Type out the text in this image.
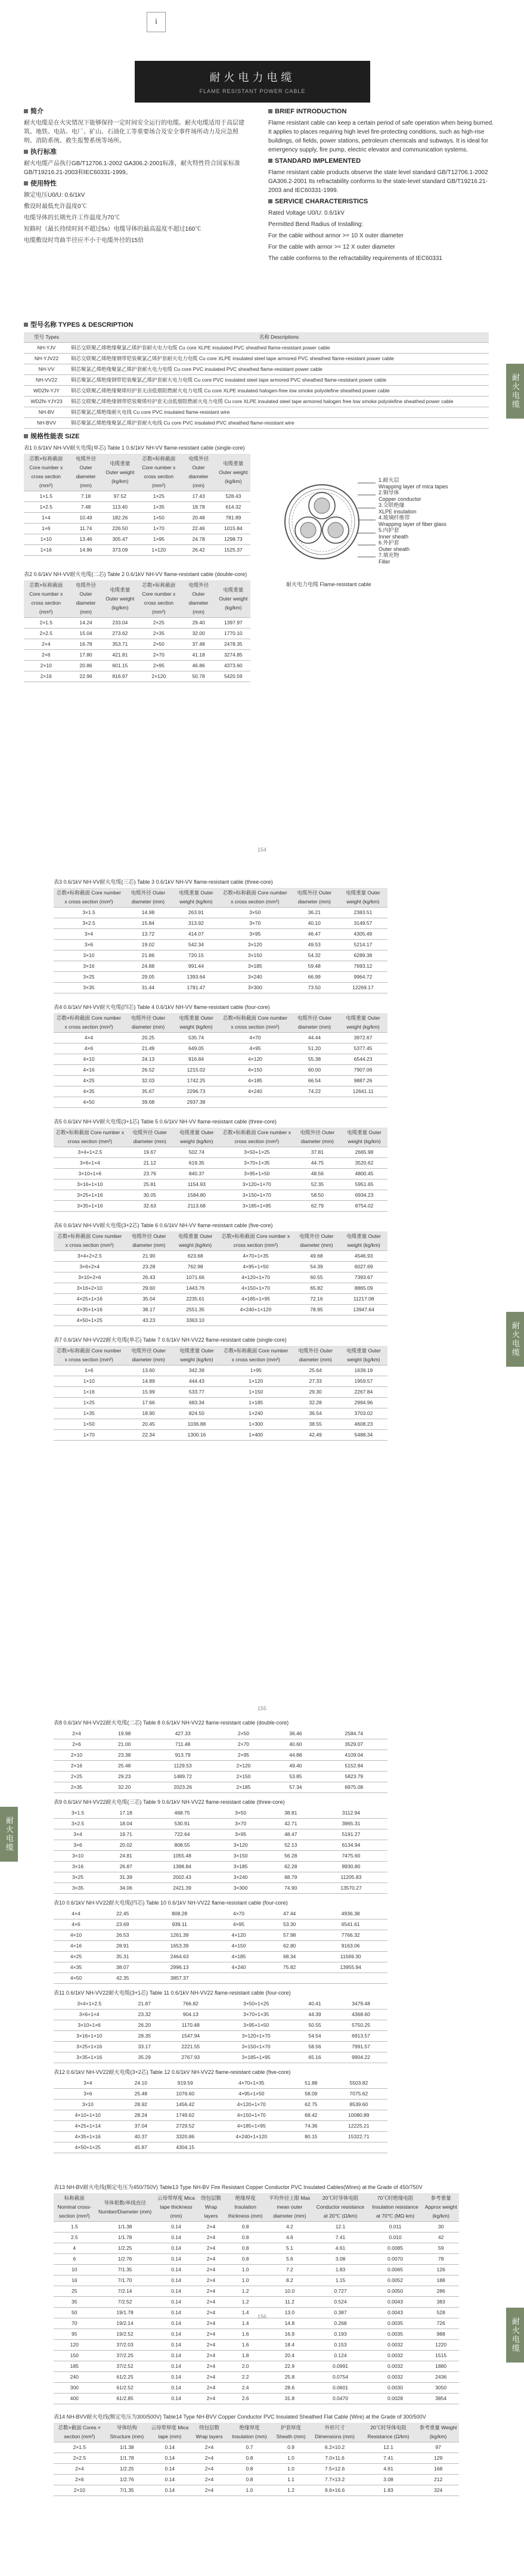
i
耐火电力电缆
FLAME RESISTANT POWER CABLE
耐火电缆
简介

耐火电缆是在火灾情况下能够保持一定时间安全运行的电缆。耐火电缆适用于高层建筑、地铁、电站、电厂、矿山、石油化工等重要场合及安全事件场所动力及应急照明、消防系统、救生报警系统等场所。

执行标准

耐火电缆产品执行GB/T12706.1-2002 GA306.2-2001标准，耐火特性符合国家标准GB/T19216.21-2003和IEC60331-1999。

使用特性

额定电压U0/U: 0.6/1kV

敷设时最低允许温度0℃

电缆导体的长期允许工作温度为70℃

短路时（最长持续时间不超过5s）电缆导体的最高温度不超过160℃

电缆敷设时弯曲半径应不小于电缆外径的15倍

BRIEF INTRODUCTION

Flame resistant cable can keep a certain period of safe operation when being burned. It applies to places requiring high level fire-protecting conditions, such as high-rise buildings, oil fields, power stations, petroleum chemicals and subways. It is ideal for emergency supply, fire pump, electric elevator and communication systems.

STANDARD IMPLEMENTED

Flame resistant cable products observe the state level standard GB/T12706.1-2002 GA306.2-2001 Its refractability conforms to the state-level standard GB/T19216.21-2003 and IEC60331-1999.

SERVICE CHARACTERISTICS

Rated Voltage U0/U: 0.6/1kV

Permitted Bend Radius of Installing:

For the cable without armor >= 10 X outer diameter

For the cable with armor >= 12 X outer diameter

The cable conforms to the refractability requirements of IEC60331

型号名称 TYPES & DESCRIPTION
型号 Types	名称 Descriptions
NH-YJV	铜芯交联聚乙烯绝缘聚氯乙烯护套耐火电力电缆 Cu core XLPE insulated PVC sheathed flame-resistant power cable
NH-YJV22	铜芯交联聚乙烯绝缘钢带铠装聚氯乙烯护套耐火电力电缆 Cu core XLPE insulated steel tape armored PVC sheathed flame-resistant power cable
NH-VV	铜芯聚氯乙烯绝缘聚氯乙烯护套耐火电力电缆 Cu core PVC insulated PVC sheathed flame-resistant power cable
NH-VV22	铜芯聚氯乙烯绝缘钢带铠装聚氯乙烯护套耐火电力电缆 Cu core PVC insulated steel tape armored PVC sheathed flame-resistant power cable
WDZN-YJY	铜芯交联聚乙烯绝缘聚烯烃护套无卤低烟阻燃耐火电力电缆 Cu core XLPE insulated halogen-free low smoke polyolefine sheathed power cable
WDZN-YJY23	铜芯交联聚乙烯绝缘钢带铠装聚烯烃护套无卤低烟阻燃耐火电力电缆 Cu core XLPE insulated steel tape armored halogen free low smoke polyolefine sheathed power cable
NH-BV	铜芯聚氯乙烯绝缘耐火电线 Cu core PVC insulated flame-resistant wire
NH-BVV	铜芯聚氯乙烯绝缘聚氯乙烯护套耐火电线 Cu core PVC insulated PVC sheathed flame-resistant wire
规格性能表 SIZE
表1 0.6/1kV NH-VV耐火电缆(单芯) Table 1 0.6/1kV NH-VV flame-resistant cable (single-core)
芯数×标称截面 Core number x cross section (mm²)	电缆外径 Outer diameter (mm)	电缆重量 Outer weight (kg/km)	芯数×标称截面 Core number x cross section (mm²)	电缆外径 Outer diameter (mm)	电缆重量 Outer weight (kg/km)
1×1.5	7.18	97.52	1×25	17.43	528.43
1×2.5	7.48	113.40	1×35	18.78	614.32
1×4	10.49	182.26	1×50	20.48	781.89
1×6	11.74	226.50	1×70	22.46	1015.84
1×10	13.46	305.47	1×95	24.78	1298.73
1×16	14.96	373.09	1×120	26.42	1525.37
表2 0.6/1kV NH-VV耐火电缆(二芯) Table 2 0.6/1kV NH-VV flame-resistant cable (double-core)
芯数×标称截面 Core number x cross section (mm²)	电缆外径 Outer diameter (mm)	电缆重量 Outer weight (kg/km)	芯数×标称截面 Core number x cross section (mm²)	电缆外径 Outer diameter (mm)	电缆重量 Outer weight (kg/km)
2×1.5	14.24	233.04	2×25	29.40	1397.97
2×2.5	15.04	273.62	2×35	32.00	1770.10
2×4	16.78	353.71	2×50	37.48	2478.35
2×6	17.80	421.81	2×70	41.18	3274.85
2×10	20.86	601.15	2×95	46.86	4373.60
2×16	22.96	816.97	2×120	50.78	5420.59
1.耐火层
Wrapping layer of mica tapes
2.铜导体
Copper conductor
3.交联绝缘
XLPE insulation
4.玻璃纤维带
Wrapping layer of fiber glass
5.内护套
Inner sheath
6.外护套
Outer sheath
7.填充物
Filler
耐火电力电缆 Flame-resistant cable
154
耐火电缆
表3 0.6/1kV NH-VV耐火电缆(三芯) Table 3 0.6/1kV NH-VV flame-resistant cable (three-core)
芯数×标称截面 Core number x cross section (mm²)	电缆外径 Outer diameter (mm)	电缆重量 Outer weight (kg/km)	芯数×标称截面 Core number x cross section (mm²)	电缆外径 Outer diameter (mm)	电缆重量 Outer weight (kg/km)
3×1.5	14.98	263.91	3×50	36.21	2383.51
3×2.5	15.84	313.92	3×70	40.10	3149.57
3×4	13.72	414.07	3×95	46.47	4305.49
3×6	19.02	542.34	3×120	49.53	5214.17
3×10	21.86	720.15	3×150	54.32	6289.38
3×16	24.88	991.44	3×185	59.48	7693.12
3×25	29.05	1393.64	3×240	66.99	9964.72
3×35	31.44	1781.47	3×300	73.50	12269.17
表4 0.6/1kV NH-VV耐火电缆(四芯) Table 4 0.6/1kV NH-VV flame-resistant cable (four-core)
芯数×标称截面 Core number x cross section (mm²)	电缆外径 Outer diameter (mm)	电缆重量 Outer weight (kg/km)	芯数×标称截面 Core number x cross section (mm²)	电缆外径 Outer diameter (mm)	电缆重量 Outer weight (kg/km)
4×4	20.25	535.74	4×70	44.44	3972.67
4×6	21.49	649.05	4×95	51.20	5377.45
4×10	24.13	916.84	4×120	55.38	6544.23
4×16	26.52	1215.02	4×150	60.00	7907.06
4×25	32.03	1742.25	4×185	66.54	9887.26
4×35	35.67	2296.73	4×240	74.22	12641.11
4×50	39.68	2937.38			
表5 0.6/1kV NH-VV耐火电缆(3+1芯) Table 5 0.6/1kV NH-VV flame-resistant cable (three-core)
芯数×标称截面 Core number x cross section (mm²)	电缆外径 Outer diameter (mm)	电缆重量 Outer weight (kg/km)	芯数×标称截面 Core number x cross section (mm²)	电缆外径 Outer diameter (mm)	电缆重量 Outer weight (kg/km)
3×4+1×2.5	19.67	502.74	3×50+1×25	37.81	2665.98
3×6+1×4	21.12	619.35	3×70+1×35	44.75	3520.62
3×10+1×6	23.76	840.37	3×95+1×50	48.56	4800.45
3×16+1×10	25.81	1154.93	3×120+1×70	52.35	5951.65
3×25+1×16	30.05	1584.80	3×150+1×70	58.50	6934.23
3×35+1×16	32.63	2113.68	3×185+1×95	62.79	8754.02
表6 0.6/1kV NH-VV耐火电缆(3+2芯) Table 6 0.6/1kV NH-VV flame-resistant cable (five-core)
芯数×标称截面 Core number x cross section (mm²)	电缆外径 Outer diameter (mm)	电缆重量 Outer weight (kg/km)	芯数×标称截面 Core number x cross section (mm²)	电缆外径 Outer diameter (mm)	电缆重量 Outer weight (kg/km)
3×4+2×2.5	21.90	623.68	4×70+1×35	49.68	4546.93
3×6+2×4	23.28	762.98	4×95+1×50	54.39	6027.69
3×10+2×6	26.43	1071.66	4×120+1×70	60.55	7393.67
3×16+2×10	29.60	1443.76	4×150+1×70	65.82	8865.09
4×25+1×16	35.04	2235.61	4×185+1×95	72.16	11217.08
4×35+1×16	38.17	2551.35	4×240+1×120	78.95	13947.64
4×50+1×25	43.23	3363.10			
表7 0.6/1kV NH-VV22耐火电缆(单芯) Table 7 0.6/1kV NH-VV22 flame-resistant cable (single-core)
芯数×标称截面 Core number x cross section (mm²)	电缆外径 Outer diameter (mm)	电缆重量 Outer weight (kg/km)	芯数×标称截面 Core number x cross section (mm²)	电缆外径 Outer diameter (mm)	电缆重量 Outer weight (kg/km)
1×6	13.60	342.39	1×95	25.64	1639.19
1×10	14.89	444.43	1×120	27.33	1959.57
1×16	15.99	533.77	1×150	29.30	2267.84
1×25	17.66	683.34	1×185	32.28	2994.96
1×35	18.90	824.50	1×240	36.54	3703.02
1×50	20.45	1036.88	1×300	38.55	4608.23
1×70	22.34	1300.16	1×400	42.49	5488.34
155
耐火电缆
耐火电缆
表8 0.6/1kV NH-VV22耐火电缆(二芯) Table 8 0.6/1kV NH-VV22 flame-resistant cable (double-core)
2×4	19.98	427.33	2×50	36.46	2584.74
2×6	21.00	711.48	2×70	40.60	3529.07
2×10	23.38	913.79	2×95	44.88	4109.04
2×16	25.48	1129.53	2×120	49.40	5152.84
2×25	29.23	1489.72	2×150	53.85	5823.79
2×35	32.20	2023.26	2×185	57.34	6975.08
表9 0.6/1kV NH-VV22耐火电缆(三芯) Table 9 0.6/1kV NH-VV22 flame-resistant cable (three-core)
3×1.5	17.18	468.75	3×50	38.81	3112.94
3×2.5	18.04	530.91	3×70	42.71	3965.31
3×4	19.71	722.64	3×95	48.47	5191.27
3×6	20.02	808.55	3×120	52.13	6134.94
3×10	24.81	1055.48	3×150	56.28	7475.60
3×16	26.87	1398.84	3×185	62.28	8930.80
3×25	31.39	2002.43	3×240	68.79	11205.83
3×35	34.06	2421.39	3×300	74.90	13570.27
表10 0.6/1kV NH-VV22耐火电缆(四芯) Table 10 0.6/1kV NH-VV22 flame-resistant cable (four-core)
4×4	22.45	808.28	4×70	47.44	4936.38
4×6	23.69	939.11	4×95	53.30	6541.61
4×10	26.53	1261.39	4×120	57.98	7766.32
4×16	28.91	1653.39	4×150	62.80	9163.06
4×25	35.31	2464.63	4×185	68.34	11569.30
4×35	38.07	2996.13	4×240	75.82	13955.94
4×50	42.35	3857.37			
表11 0.6/1kV NH-VV22耐火电缆(3+1芯) Table 11 0.6/1kV NH-VV22 flame-resistant cable (four-core)
3×4+1×2.5	21.87	766.82	3×50+1×25	40.41	3479.48
3×6+1×4	23.32	904.13	3×70+1×35	44.39	4368.60
3×10+1×6	26.20	1170.48	3×95+1×50	50.55	5750.25
3×16+1×10	28.35	1547.94	3×120+1×70	54.54	6913.57
3×25+1×16	33.17	2221.55	3×150+1×70	58.56	7991.57
3×35+1×16	35.29	2767.93	3×185+1×95	65.16	9904.22
表12 0.6/1kV NH-VV22耐火电缆(3+2芯) Table 12 0.6/1kV NH-VV22 flame-resistant cable (five-core)
3×4	24.10	919.59	4×70+1×35	51.88	5503.82
3×6	25.48	1076.60	4×95+1×50	58.09	7075.62
3×10	28.92	1456.42	4×120+1×70	62.75	8539.60
4×10+1×10	28.24	1749.62	4×150+1×70	68.42	10080.89
4×25+1×14	37.04	2729.52	4×185+1×95	74.36	12225.21
4×35+1×16	40.37	3320.86	4×240+1×120	80.15	15322.71
4×50+1×25	45.87	4304.15			
表13 NH-BV耐火电线(额定电压为450/750V) Table13 Type NH-BV Fire Resistant Copper Conductor PVC Insulated Cables(Wires) at the Grade of 450/750V
标称截面 Nominal cross-section (mm²)	导体根数/单线直径 Number/Diameter (mm)	云母带厚度 Mica tape thickness (mm)	绕包层数 Wrap layers	绝缘厚度 Insulation thickness (mm)	平均外径上限 Max mean outer diameter (mm)	20℃时导体电阻 Conductor resistance at 20℃ (Ω/km)	70℃时绝缘电阻 Insulation resistance at 70℃ (MΩ·km)	参考重量 Approx weight (kg/km)
1.5	1/1.38	0.14	2×4	0.8	4.2	12.1	0.011	30
2.5	1/1.78	0.14	2×4	0.8	4.6	7.41	0.010	42
4	1/2.25	0.14	2×4	0.8	5.1	4.61	0.0085	59
6	1/2.76	0.14	2×4	0.8	5.6	3.08	0.0070	78
10	7/1.35	0.14	2×4	1.0	7.2	1.83	0.0065	126
16	7/1.70	0.14	2×4	1.0	8.2	1.15	0.0052	188
25	7/2.14	0.14	2×4	1.2	10.0	0.727	0.0050	286
35	7/2.52	0.14	2×4	1.2	11.2	0.524	0.0043	383
50	19/1.78	0.14	2×4	1.4	13.0	0.387	0.0043	528
70	19/2.14	0.14	2×4	1.4	14.8	0.268	0.0035	726
95	19/2.52	0.14	2×4	1.6	16.9	0.193	0.0035	988
120	37/2.03	0.14	2×4	1.6	18.4	0.153	0.0032	1220
150	37/2.25	0.14	2×4	1.8	20.4	0.124	0.0032	1515
185	37/2.52	0.14	2×4	2.0	22.9	0.0991	0.0032	1880
240	61/2.25	0.14	2×4	2.2	25.8	0.0754	0.0032	2436
300	61/2.52	0.14	2×4	2.4	28.6	0.0601	0.0030	3050
400	61/2.85	0.14	2×4	2.6	31.8	0.0470	0.0028	3854
表14 NH-BVV耐火电线(额定电压为300/500V) Table14 Type NH-BVV Copper Conductor PVC Insulated Sheathed Flat Cable (Wire) at the Grade of 300/500V
芯数×截面 Cores × section (mm²)	导体结构 Structure (mm)	云母带厚度 Mica tape (mm)	绕包层数 Wrap layers	绝缘厚度 Insulation (mm)	护套厚度 Sheath (mm)	外形尺寸 Dimensions (mm)	20℃时导体电阻 Resistance (Ω/km)	参考重量 Weight (kg/km)
2×1.5	1/1.38	0.14	2×4	0.7	0.9	6.2×10.2	12.1	97
2×2.5	1/1.78	0.14	2×4	0.8	1.0	7.0×11.6	7.41	129
2×4	1/2.25	0.14	2×4	0.8	1.0	7.5×12.6	4.61	168
2×6	1/2.76	0.14	2×4	0.8	1.1	7.7×13.2	3.08	212
2×10	7/1.35	0.14	2×4	1.0	1.2	9.6×16.6	1.83	324
156
